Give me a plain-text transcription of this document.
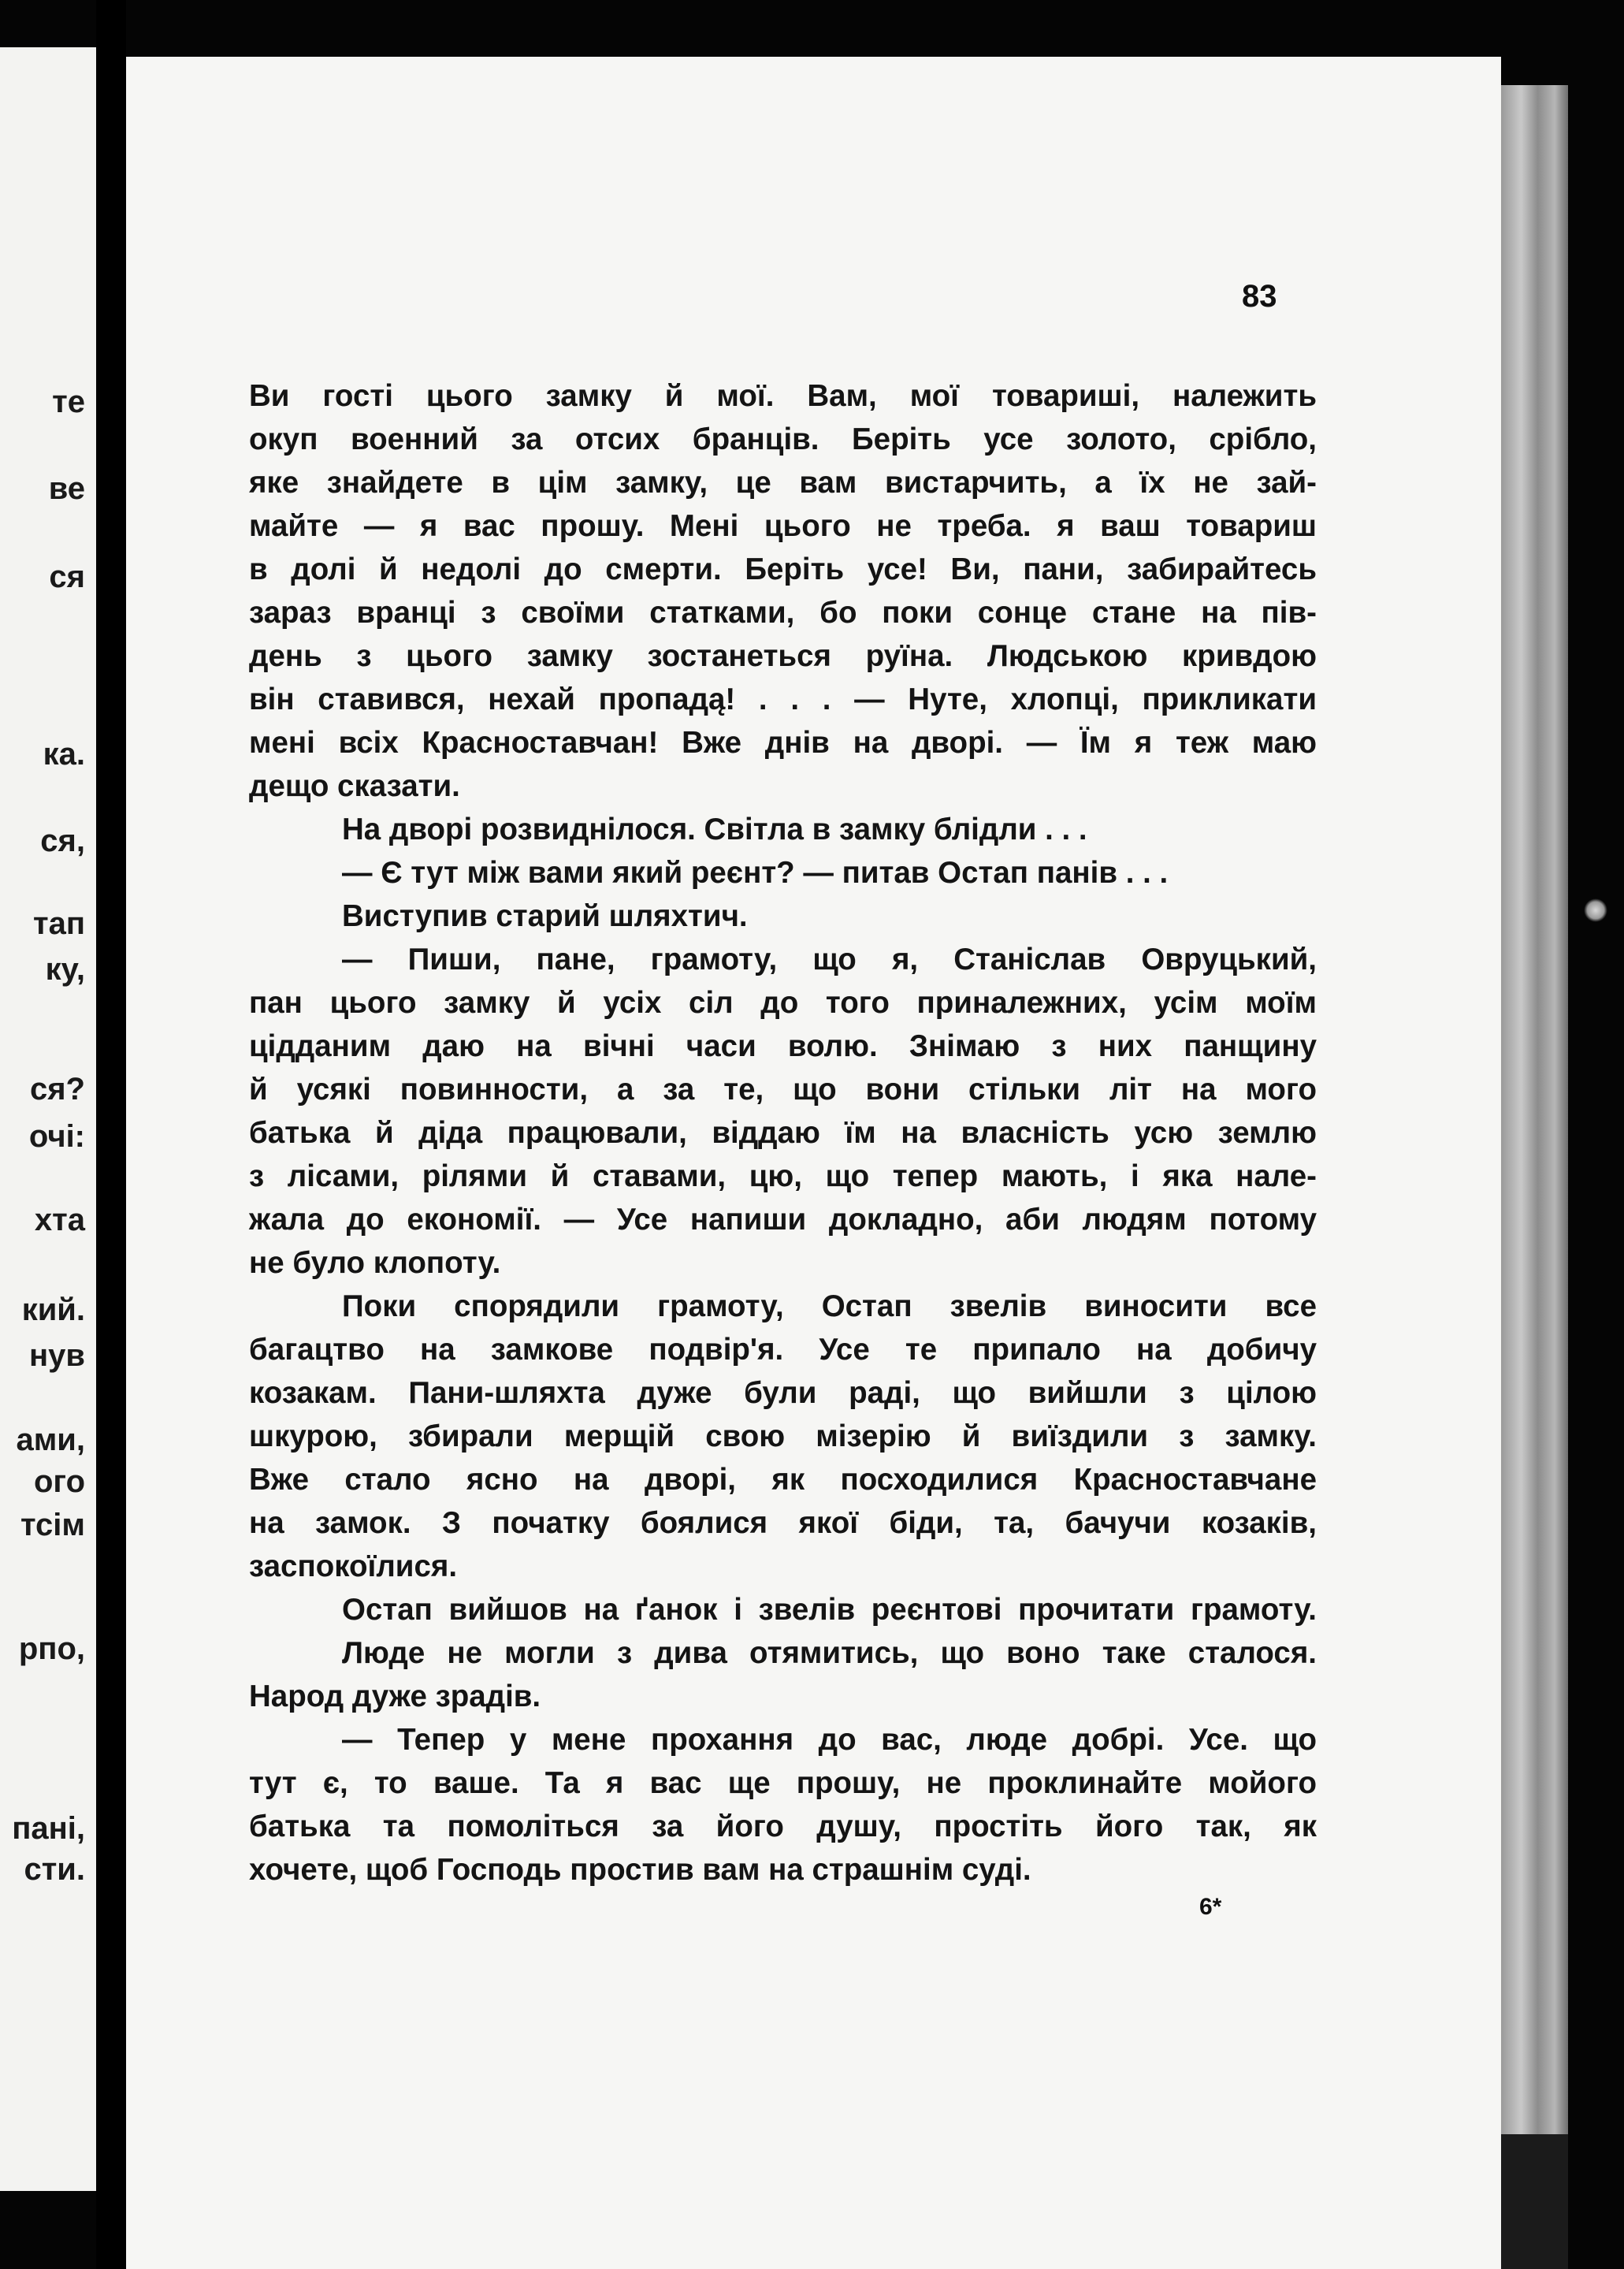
те
ве
ся
ка.
ся,
тап
ку,
ся?
очі:
хта
кий.
нув
ами,
ого
тсім
рпо,
пані,
сти.
83
Ви гості цього замку й мої. Вам, мої товариші, належить
окуп военний за отсих бранців. Беріть усе золото, срібло,
яке знайдете в цім замку, це вам вистарчить, а їх не зай-
майте — я вас прошу. Мені цього не треба. я ваш товариш
в долі й недолі до смерти. Беріть усе! Ви, пани, забирайтесь
зараз вранці з своїми статками, бо поки сонце стане на пів-
день з цього замку зостанеться руїна. Людською кривдою
він ставився, нехай пропадą! . . . — Нуте, хлопці, прикликати
мені всіх Красноставчан! Вже днів на дворі. — Їм я теж маю
дещо сказати.
На дворі розвиднілося. Світла в замку блідли . . .
— Є тут між вами який реєнт? — питав Остап панів . . .
Виступив старий шляхтич.
— Пиши, пане, грамоту, що я, Станіслав Овруцький,
пан цього замку й усіх сіл до того приналежних, усім моїм
цідданим даю на вічні часи волю. Знімаю з них панщину
й усякі повинности, а за те, що вони стільки літ на мого
батька й діда працювали, віддаю їм на власність усю землю
з лісами, рілями й ставами, цю, що тепер мають, і яка нале-
жала до економії. — Усе напиши докладно, аби людям потому
не було клопоту.
Поки спорядили грамоту, Остап звелів виносити все
багацтво на замкове подвір'я. Усе те припало на добичу
козакам. Пани-шляхта дуже були раді, що вийшли з цілою
шкурою, збирали мерщій свою мізерію й виїздили з замку.
Вже стало ясно на дворі, як посходилися Красноставчане
на замок. З початку боялися якої біди, та, бачучи козаків,
заспокоїлися.
Остап вийшов на ґанок і звелів реєнтові прочитати грамоту.
Люде не могли з дива отямитись, що воно таке сталося.
Народ дуже зрадів.
— Тепер у мене прохання до вас, люде добрі. Усе. що
тут є, то ваше. Та я вас ще прошу, не проклинайте мойого
батька та помоліться за його душу, простіть його так, як
хочете, щоб Господь простив вам на страшнім суді.
6*
